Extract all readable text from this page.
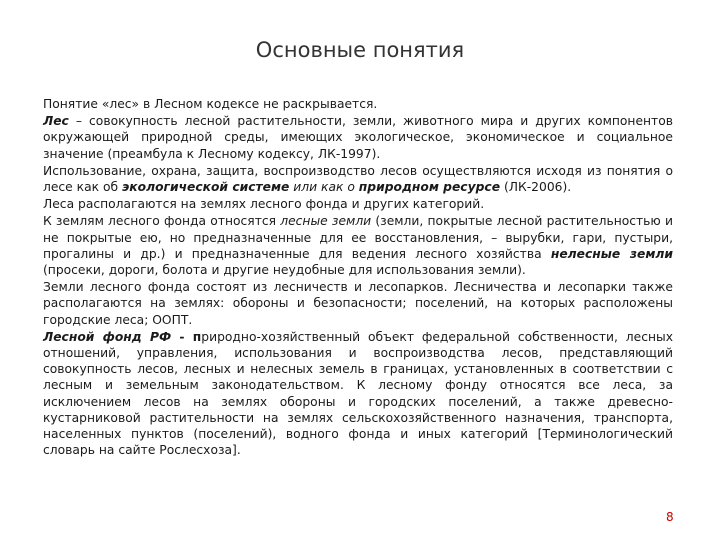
Основные понятия

Понятие «лес» в Лесном кодексе не раскрывается.

Лес – совокупность лесной растительности, земли, животного мира и других компонентов окружающей природной среды, имеющих экологическое, экономическое и социальное значение (преамбула к Лесному кодексу, ЛК-1997).

Использование, охрана, защита, воспроизводство лесов осуществляются исходя из понятия о лесе как об экологической системе или как о природном ресурсе (ЛК-2006).

Леса располагаются на землях лесного фонда и других категорий.

К землям лесного фонда относятся лесные земли (земли, покрытые лесной растительностью и не покрытые ею, но предназначенные для ее восстановления, – вырубки, гари, пустыри, прогалины и др.) и предназначенные для ведения лесного хозяйства нелесные земли (просеки, дороги, болота и другие неудобные для использования земли).

Земли лесного фонда состоят из лесничеств и лесопарков. Лесничества и лесопарки также располагаются на землях: обороны и безопасности; поселений, на которых расположены городские леса; ООПТ.

Лесной фонд РФ - природно-хозяйственный объект федеральной собственности, лесных отношений, управления, использования и воспроизводства лесов, представляющий совокупность лесов, лесных и нелесных земель в границах, установленных в соответствии с лесным и земельным законодательством. К лесному фонду относятся все леса, за исключением лесов на землях обороны и городских поселений, а также древесно-кустарниковой растительности на землях сельскохозяйственного назначения, транспорта, населенных пунктов (поселений), водного фонда и иных категорий [Терминологический словарь на сайте Рослесхоза].

8
